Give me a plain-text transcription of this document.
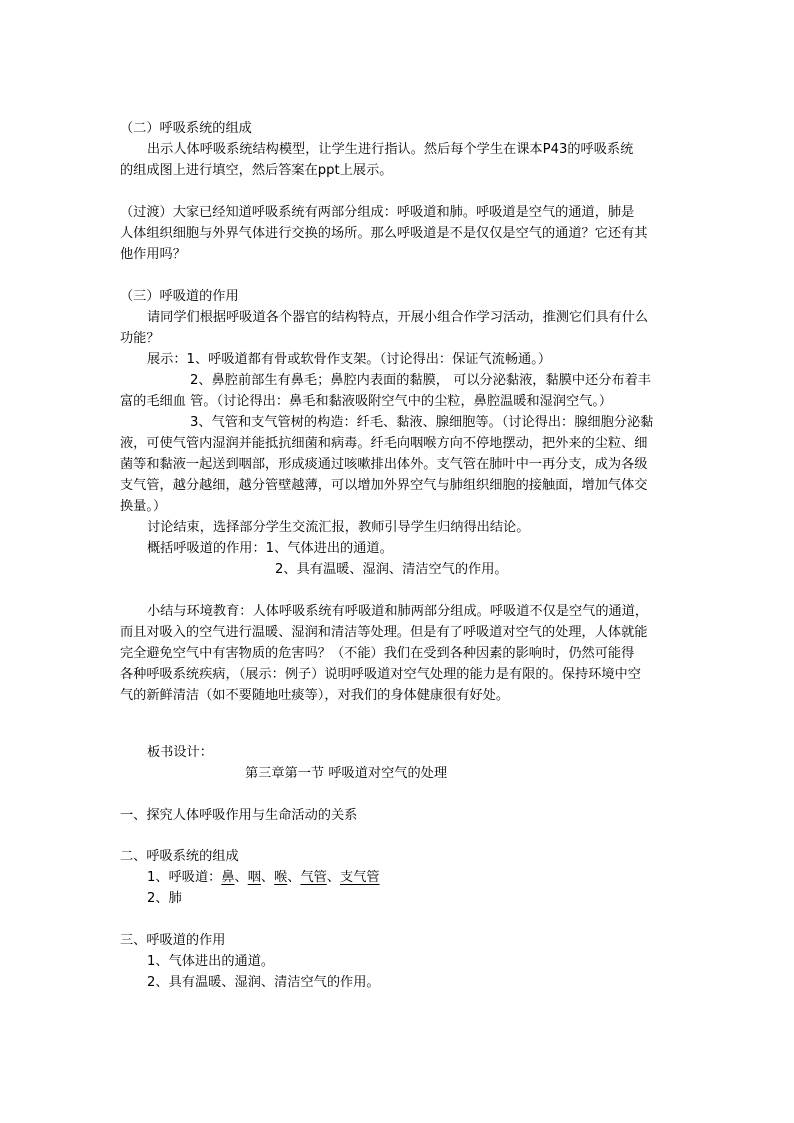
（二）呼吸系统的组成
出示人体呼吸系统结构模型，让学生进行指认。然后每个学生在课本P43的呼吸系统
的组成图上进行填空，然后答案在ppt上展示。
（过渡）大家已经知道呼吸系统有两部分组成：呼吸道和肺。呼吸道是空气的通道，肺是
人体组织细胞与外界气体进行交换的场所。那么呼吸道是不是仅仅是空气的通道？它还有其
他作用吗？
（三）呼吸道的作用
请同学们根据呼吸道各个器官的结构特点，开展小组合作学习活动，推测它们具有什么
功能？
展示：1、呼吸道都有骨或软骨作支架。（讨论得出：保证气流畅通。）
2、鼻腔前部生有鼻毛；鼻腔内表面的黏膜， 可以分泌黏液，黏膜中还分布着丰
富的毛细血 管。（讨论得出：鼻毛和黏液吸附空气中的尘粒，鼻腔温暖和湿润空气。）
3、气管和支气管树的构造：纤毛、黏液、腺细胞等。（讨论得出：腺细胞分泌黏
液，可使气管内湿润并能抵抗细菌和病毒。纤毛向咽喉方向不停地摆动，把外来的尘粒、细
菌等和黏液一起送到咽部，形成痰通过咳嗽排出体外。支气管在肺叶中一再分支，成为各级
支气管，越分越细，越分管壁越薄，可以增加外界空气与肺组织细胞的接触面，增加气体交
换量。）
讨论结束，选择部分学生交流汇报，教师引导学生归纳得出结论。
概括呼吸道的作用：1、气体进出的通道。
2、具有温暖、湿润、清洁空气的作用。
小结与环境教育：人体呼吸系统有呼吸道和肺两部分组成。呼吸道不仅是空气的通道，
而且对吸入的空气进行温暖、湿润和清洁等处理。但是有了呼吸道对空气的处理，人体就能
完全避免空气中有害物质的危害吗？（不能）我们在受到各种因素的影响时，仍然可能得
各种呼吸系统疾病，（展示：例子）说明呼吸道对空气处理的能力是有限的。保持环境中空
气的新鲜清洁（如不要随地吐痰等），对我们的身体健康很有好处。
板书设计：
第三章第一节 呼吸道对空气的处理
一、探究人体呼吸作用与生命活动的关系
二、呼吸系统的组成
1、呼吸道：鼻、咽、喉、气管、支气管
2、肺
三、呼吸道的作用
1、气体进出的通道。
2、具有温暖、湿润、清洁空气的作用。
